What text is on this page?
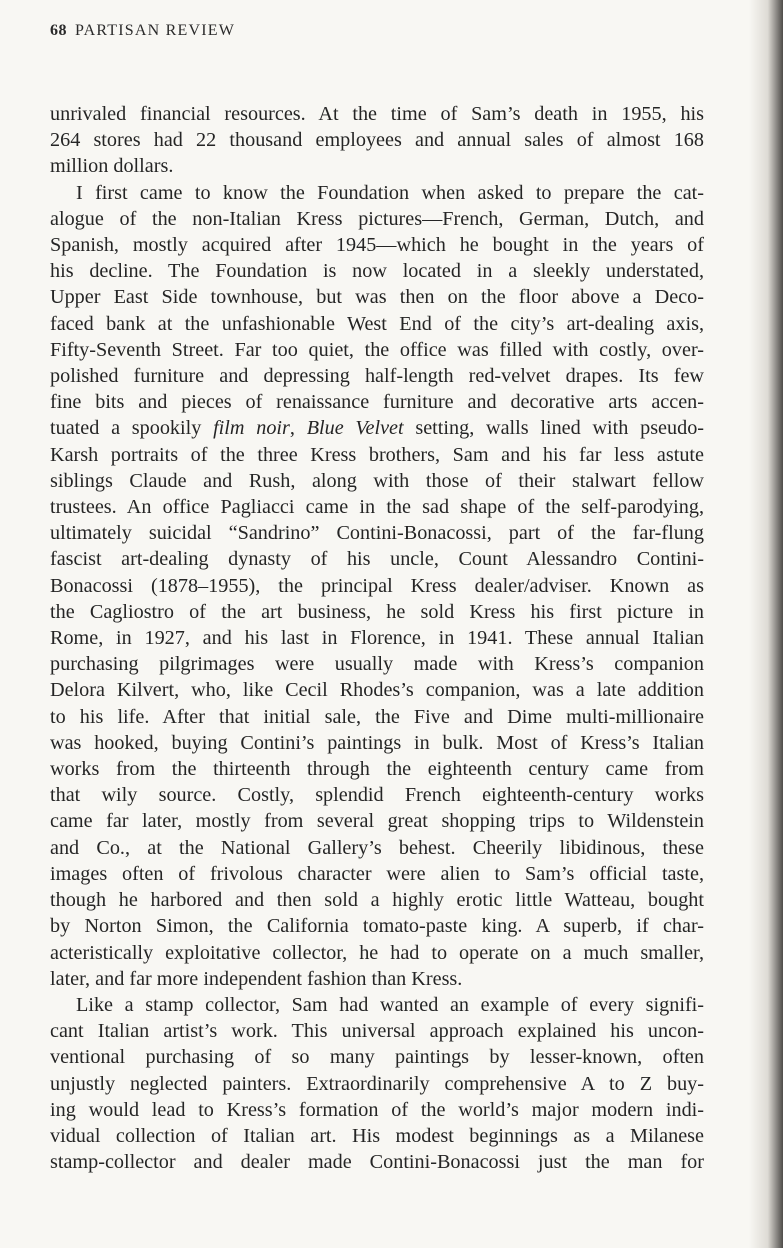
68 PARTISAN REVIEW
unrivaled financial resources. At the time of Sam’s death in 1955, his
264 stores had 22 thousand employees and annual sales of almost 168
million dollars.
I first came to know the Foundation when asked to prepare the cat-
alogue of the non-Italian Kress pictures—French, German, Dutch, and
Spanish, mostly acquired after 1945—which he bought in the years of
his decline. The Foundation is now located in a sleekly understated,
Upper East Side townhouse, but was then on the floor above a Deco-
faced bank at the unfashionable West End of the city’s art-dealing axis,
Fifty-Seventh Street. Far too quiet, the office was filled with costly, over-
polished furniture and depressing half-length red-velvet drapes. Its few
fine bits and pieces of renaissance furniture and decorative arts accen-
tuated a spookily film noir, Blue Velvet setting, walls lined with pseudo-
Karsh portraits of the three Kress brothers, Sam and his far less astute
siblings Claude and Rush, along with those of their stalwart fellow
trustees. An office Pagliacci came in the sad shape of the self-parodying,
ultimately suicidal “Sandrino” Contini-Bonacossi, part of the far-flung
fascist art-dealing dynasty of his uncle, Count Alessandro Contini-
Bonacossi (1878–1955), the principal Kress dealer/adviser. Known as
the Cagliostro of the art business, he sold Kress his first picture in
Rome, in 1927, and his last in Florence, in 1941. These annual Italian
purchasing pilgrimages were usually made with Kress’s companion
Delora Kilvert, who, like Cecil Rhodes’s companion, was a late addition
to his life. After that initial sale, the Five and Dime multi-millionaire
was hooked, buying Contini’s paintings in bulk. Most of Kress’s Italian
works from the thirteenth through the eighteenth century came from
that wily source. Costly, splendid French eighteenth-century works
came far later, mostly from several great shopping trips to Wildenstein
and Co., at the National Gallery’s behest. Cheerily libidinous, these
images often of frivolous character were alien to Sam’s official taste,
though he harbored and then sold a highly erotic little Watteau, bought
by Norton Simon, the California tomato-paste king. A superb, if char-
acteristically exploitative collector, he had to operate on a much smaller,
later, and far more independent fashion than Kress.
Like a stamp collector, Sam had wanted an example of every signifi-
cant Italian artist’s work. This universal approach explained his uncon-
ventional purchasing of so many paintings by lesser-known, often
unjustly neglected painters. Extraordinarily comprehensive A to Z buy-
ing would lead to Kress’s formation of the world’s major modern indi-
vidual collection of Italian art. His modest beginnings as a Milanese
stamp-collector and dealer made Contini-Bonacossi just the man for
